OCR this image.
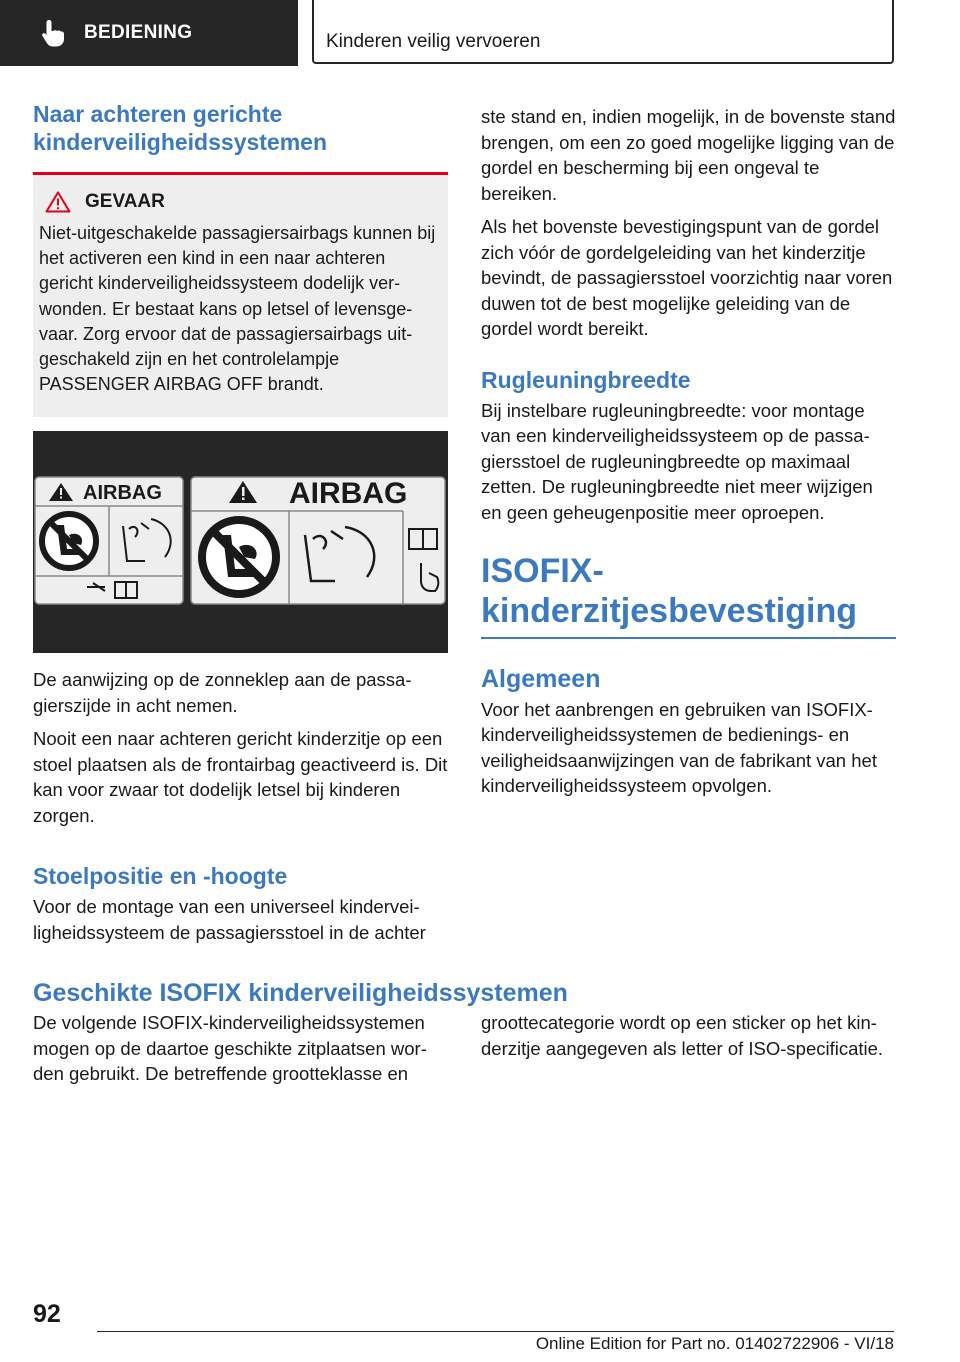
BEDIENING	Kinderen veilig vervoeren
Naar achteren gerichte kinderveiligheidssystemen
GEVAAR

Niet-uitgeschakelde passagiersairbags kunnen bij het activeren een kind in een naar achteren gericht kinderveiligheidssysteem dodelijk verwonden. Er bestaat kans op letsel of levensgevaar. Zorg ervoor dat de passagiersairbags uitgeschakeld zijn en het controlelampje PASSENGER AIRBAG OFF brandt.

AIRBAG	AIRBAG

De aanwijzing op de zonneklep aan de passagierszijde in acht nemen.

Nooit een naar achteren gericht kinderzitje op een stoel plaatsen als de frontairbag geactiveerd is. Dit kan voor zwaar tot dodelijk letsel bij kinderen zorgen.

Stoelpositie en -hoogte

Voor de montage van een universeel kinderveiligheidssysteem de passagiersstoel in de achter

ste stand en, indien mogelijk, in de bovenste stand brengen, om een zo goed mogelijke ligging van de gordel en bescherming bij een ongeval te bereiken.

Als het bovenste bevestigingspunt van de gordel zich vóór de gordelgeleiding van het kinderzitje bevindt, de passagiersstoel voorzichtig naar voren duwen tot de best mogelijke geleiding van de gordel wordt bereikt.

Rugleuningbreedte

Bij instelbare rugleuningbreedte: voor montage van een kinderveiligheidssysteem op de passagiersstoel de rugleuningbreedte op maximaal zetten. De rugleuningbreedte niet meer wijzigen en geen geheugenpositie meer oproepen.

ISOFIX-kinderzitjesbevestiging
Algemeen

Voor het aanbrengen en gebruiken van ISOFIX-kinderveiligheidssystemen de bedienings- en veiligheidsaanwijzingen van de fabrikant van het kinderveiligheidssysteem opvolgen.

Geschikte ISOFIX kinderveiligheidssystemen

De volgende ISOFIX-kinderveiligheidssystemen mogen op de daartoe geschikte zitplaatsen worden gebruikt. De betreffende grootteklasse en

groottecategorie wordt op een sticker op het kinderzitje aangegeven als letter of ISO-specificatie.

92
Online Edition for Part no. 01402722906 - VI/18
